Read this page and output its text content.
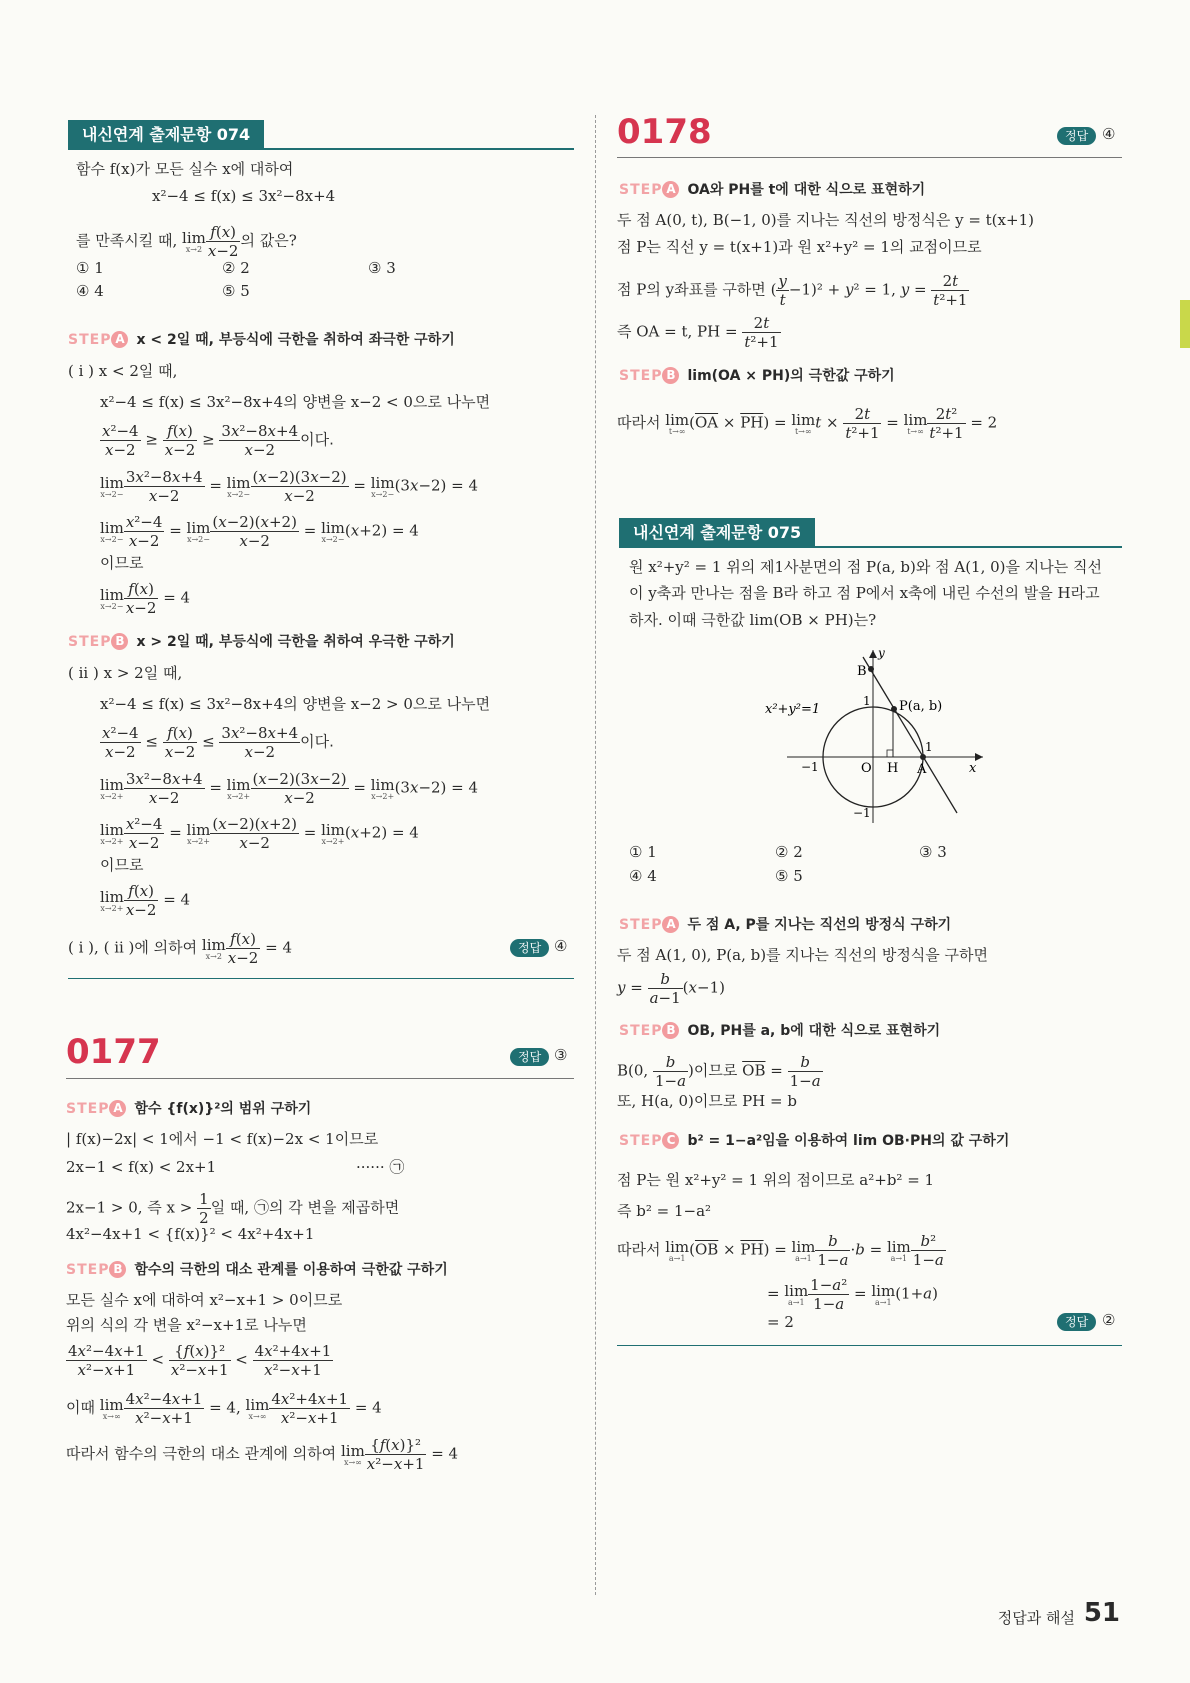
내신연계 출제문항 074
함수 f(x)가 모든 실수 x에 대하여
x²−4 ≤ f(x) ≤ 3x²−8x+4
를 만족시킬 때, lim
$x\to 2 \frac{f(x)}{x-2}$ 의 값은?
① 1	② 2	③ 3
④ 4	⑤ 5
STEP A x < 2일 때, 부등식에 극한을 취하여 좌극한 구하기
( i ) x < 2일 때,
x²−4 ≤ f(x) ≤ 3x²−8x+4의 양변을 x−2 < 0으로 나누면
$\frac{\text{x²−4}}{x-2} \ge \frac{f(x)}{x-2} \ge \frac{\text{3x²−8x+4}}{x-2}$ 이다.
lim
$x\to 2- \frac{\text{3x²−8x+4}}{x-2} = \lim$
$x\to 2- \frac{(x-2)(3x-2)}{x-2} = \lim$
x→2− (3x−2) = 4
lim
$x\to 2- \frac{\text{x²−4}}{x-2} = \lim$
$x\to 2- \frac{(x-2)(x+2)}{x-2} = \lim$
x→2− (x+2) = 4
이므로
lim
$x\to 2- \frac{f(x)}{x-2} = 4$
STEP B x > 2일 때, 부등식에 극한을 취하여 우극한 구하기
( ii ) x > 2일 때,
x²−4 ≤ f(x) ≤ 3x²−8x+4의 양변을 x−2 > 0으로 나누면
$\frac{\text{x²−4}}{x-2} \le \frac{f(x)}{x-2} \le \frac{\text{3x²−8x+4}}{x-2}$ 이다.
lim
$x\to 2+ \frac{\text{3x²−8x+4}}{x-2} = \lim$
$x\to 2+ \frac{(x-2)(3x-2)}{x-2} = \lim$
x→2+ (3x−2) = 4
lim
$x\to 2+ \frac{\text{x²−4}}{x-2} = \lim$
$x\to 2+ \frac{(x-2)(x+2)}{x-2} = \lim$
x→2+ (x+2) = 4
이므로
lim
$x\to 2+ \frac{f(x)}{x-2} = 4$
( i ), ( ii )에 의하여 lim
$x\to 2 \frac{f(x)}{x-2} = 4$	정답 ④
0177	정답 ③
STEP A 함수 {f(x)}²의 범위 구하기
| f(x)−2x| < 1에서 −1 < f(x)−2x < 1이므로
2x−1 < f(x) < 2x+1	······ ㉠
2x−1 > 0, 즉 $x > \frac{1}{2}$ 일 때, ㉠의 각 변을 제곱하면
4x²−4x+1 < {f(x)}² < 4x²+4x+1
STEP B 함수의 극한의 대소 관계를 이용하여 극한값 구하기
모든 실수 x에 대하여 x²−x+1 > 0이므로
위의 식의 각 변을 x²−x+1로 나누면
$\frac{\text{4x²−4x+1}}{\text{x²−x+1}} < \frac{\text{\{f(x)\}²}}{\text{x²−x+1}} < \frac{\text{4x²+4x+1}}{\text{x²−x+1}}$
이때 lim
$x\to\infty \frac{\text{4x²−4x+1}}{\text{x²−x+1}} = 4$, lim
$x\to\infty \frac{\text{4x²+4x+1}}{\text{x²−x+1}} = 4$
따라서 함수의 극한의 대소 관계에 의하여 lim
$x\to\infty \frac{\text{\{f(x)\}²}}{\text{x²−x+1}} = 4$
0178	정답 ④
STEP A OA와 PH를 t에 대한 식으로 표현하기
두 점 A(0, t), B(−1, 0)를 지나는 직선의 방정식은 y = t(x+1)
점 P는 직선 y = t(x+1)과 원 x²+y² = 1의 교점이므로
점 P의 y좌표를 구하면 ( $\frac{y}{t} -1)^2 + y^2 = 1$, $y = \frac{2t}{\text{t²+1}}$
즉 OA = t, PH = $\frac{2t}{\text{t²+1}}$
STEP B lim(OA × PH)의 극한값 구하기
따라서 lim
t→∞ $(\overline{OA} \times \overline{PH}) = \lim$
t→∞ $t \times \frac{2t}{\text{t²+1}} = \lim$
$t\to\infty \frac{\text{2t²}}{\text{t²+1}} = 2$
내신연계 출제문항 075
원 x²+y² = 1 위의 제1사분면의 점 P(a, b)와 점 A(1, 0)을 지나는 직선
이 y축과 만나는 점을 B라 하고 점 P에서 x축에 내린 수선의 발을 H라고
하자. 이때 극한값 lim(OB × PH)는?
B
P(a, b)
1
1
x²+y²=1
−1	O H A	x
y
−1
① 1	② 2	③ 3
④ 4	⑤ 5
STEP A 두 점 A, P를 지나는 직선의 방정식 구하기
두 점 A(1, 0), P(a, b)를 지나는 직선의 방정식을 구하면
$y = \frac{b}{a-1} (x-1)$
STEP B OB, PH를 a, b에 대한 식으로 표현하기
B(0, $\frac{b}{1-a}$ )이므로 $\overline{OB} = \frac{b}{1-a}$
또, H(a, 0)이므로 PH = b
STEP C b² = 1−a²임을 이용하여 lim OB·PH의 값 구하기
점 P는 원 x²+y² = 1 위의 점이므로 a²+b² = 1
즉 b² = 1−a²
따라서 lim
a→1 $(\overline{OB} \times \overline{PH}) = \lim$
$a\to 1 \frac{b}{1-a} \cdot b = \lim$
$a\to 1 \frac{\text{b²}}{1-a}$
= lim
$a\to 1 \frac{\text{1−a²}}{1-a} = \lim$
a→1 (1+a)
= 2	정답 ②
정답과 해설 51
